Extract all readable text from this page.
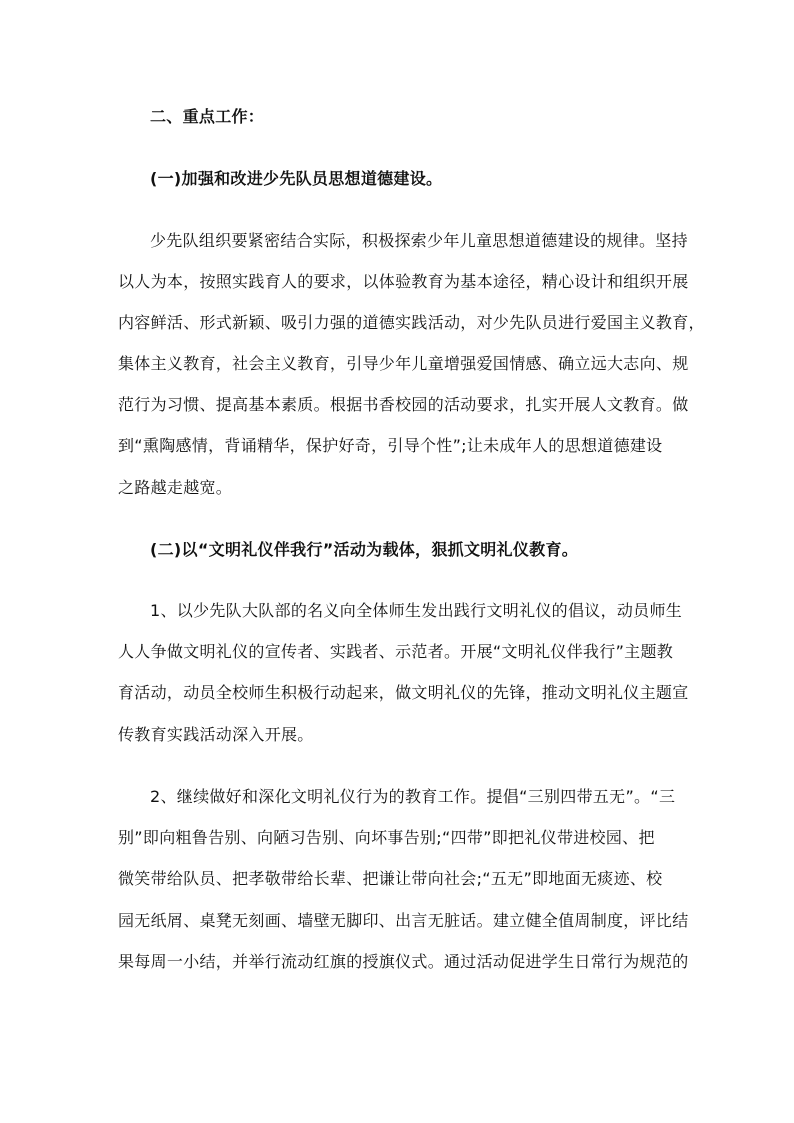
二、重点工作：
(一)加强和改进少先队员思想道德建设。
少先队组织要紧密结合实际，积极探索少年儿童思想道德建设的规律。坚持
以人为本，按照实践育人的要求，以体验教育为基本途径，精心设计和组织开展
内容鲜活、形式新颖、吸引力强的道德实践活动，对少先队员进行爱国主义教育，
集体主义教育，社会主义教育，引导少年儿童增强爱国情感、确立远大志向、规
范行为习惯、提高基本素质。根据书香校园的活动要求，扎实开展人文教育。做
到“熏陶感情，背诵精华，保护好奇，引导个性”;让未成年人的思想道德建设
之路越走越宽。
(二)以“文明礼仪伴我行”活动为载体，狠抓文明礼仪教育。
1、以少先队大队部的名义向全体师生发出践行文明礼仪的倡议，动员师生
人人争做文明礼仪的宣传者、实践者、示范者。开展“文明礼仪伴我行”主题教
育活动，动员全校师生积极行动起来，做文明礼仪的先锋，推动文明礼仪主题宣
传教育实践活动深入开展。
2、继续做好和深化文明礼仪行为的教育工作。提倡“三别四带五无”。“三
别”即向粗鲁告别、向陋习告别、向坏事告别;“四带”即把礼仪带进校园、把
微笑带给队员、把孝敬带给长辈、把谦让带向社会;“五无”即地面无痰迹、校
园无纸屑、桌凳无刻画、墙壁无脚印、出言无脏话。建立健全值周制度，评比结
果每周一小结，并举行流动红旗的授旗仪式。通过活动促进学生日常行为规范的
